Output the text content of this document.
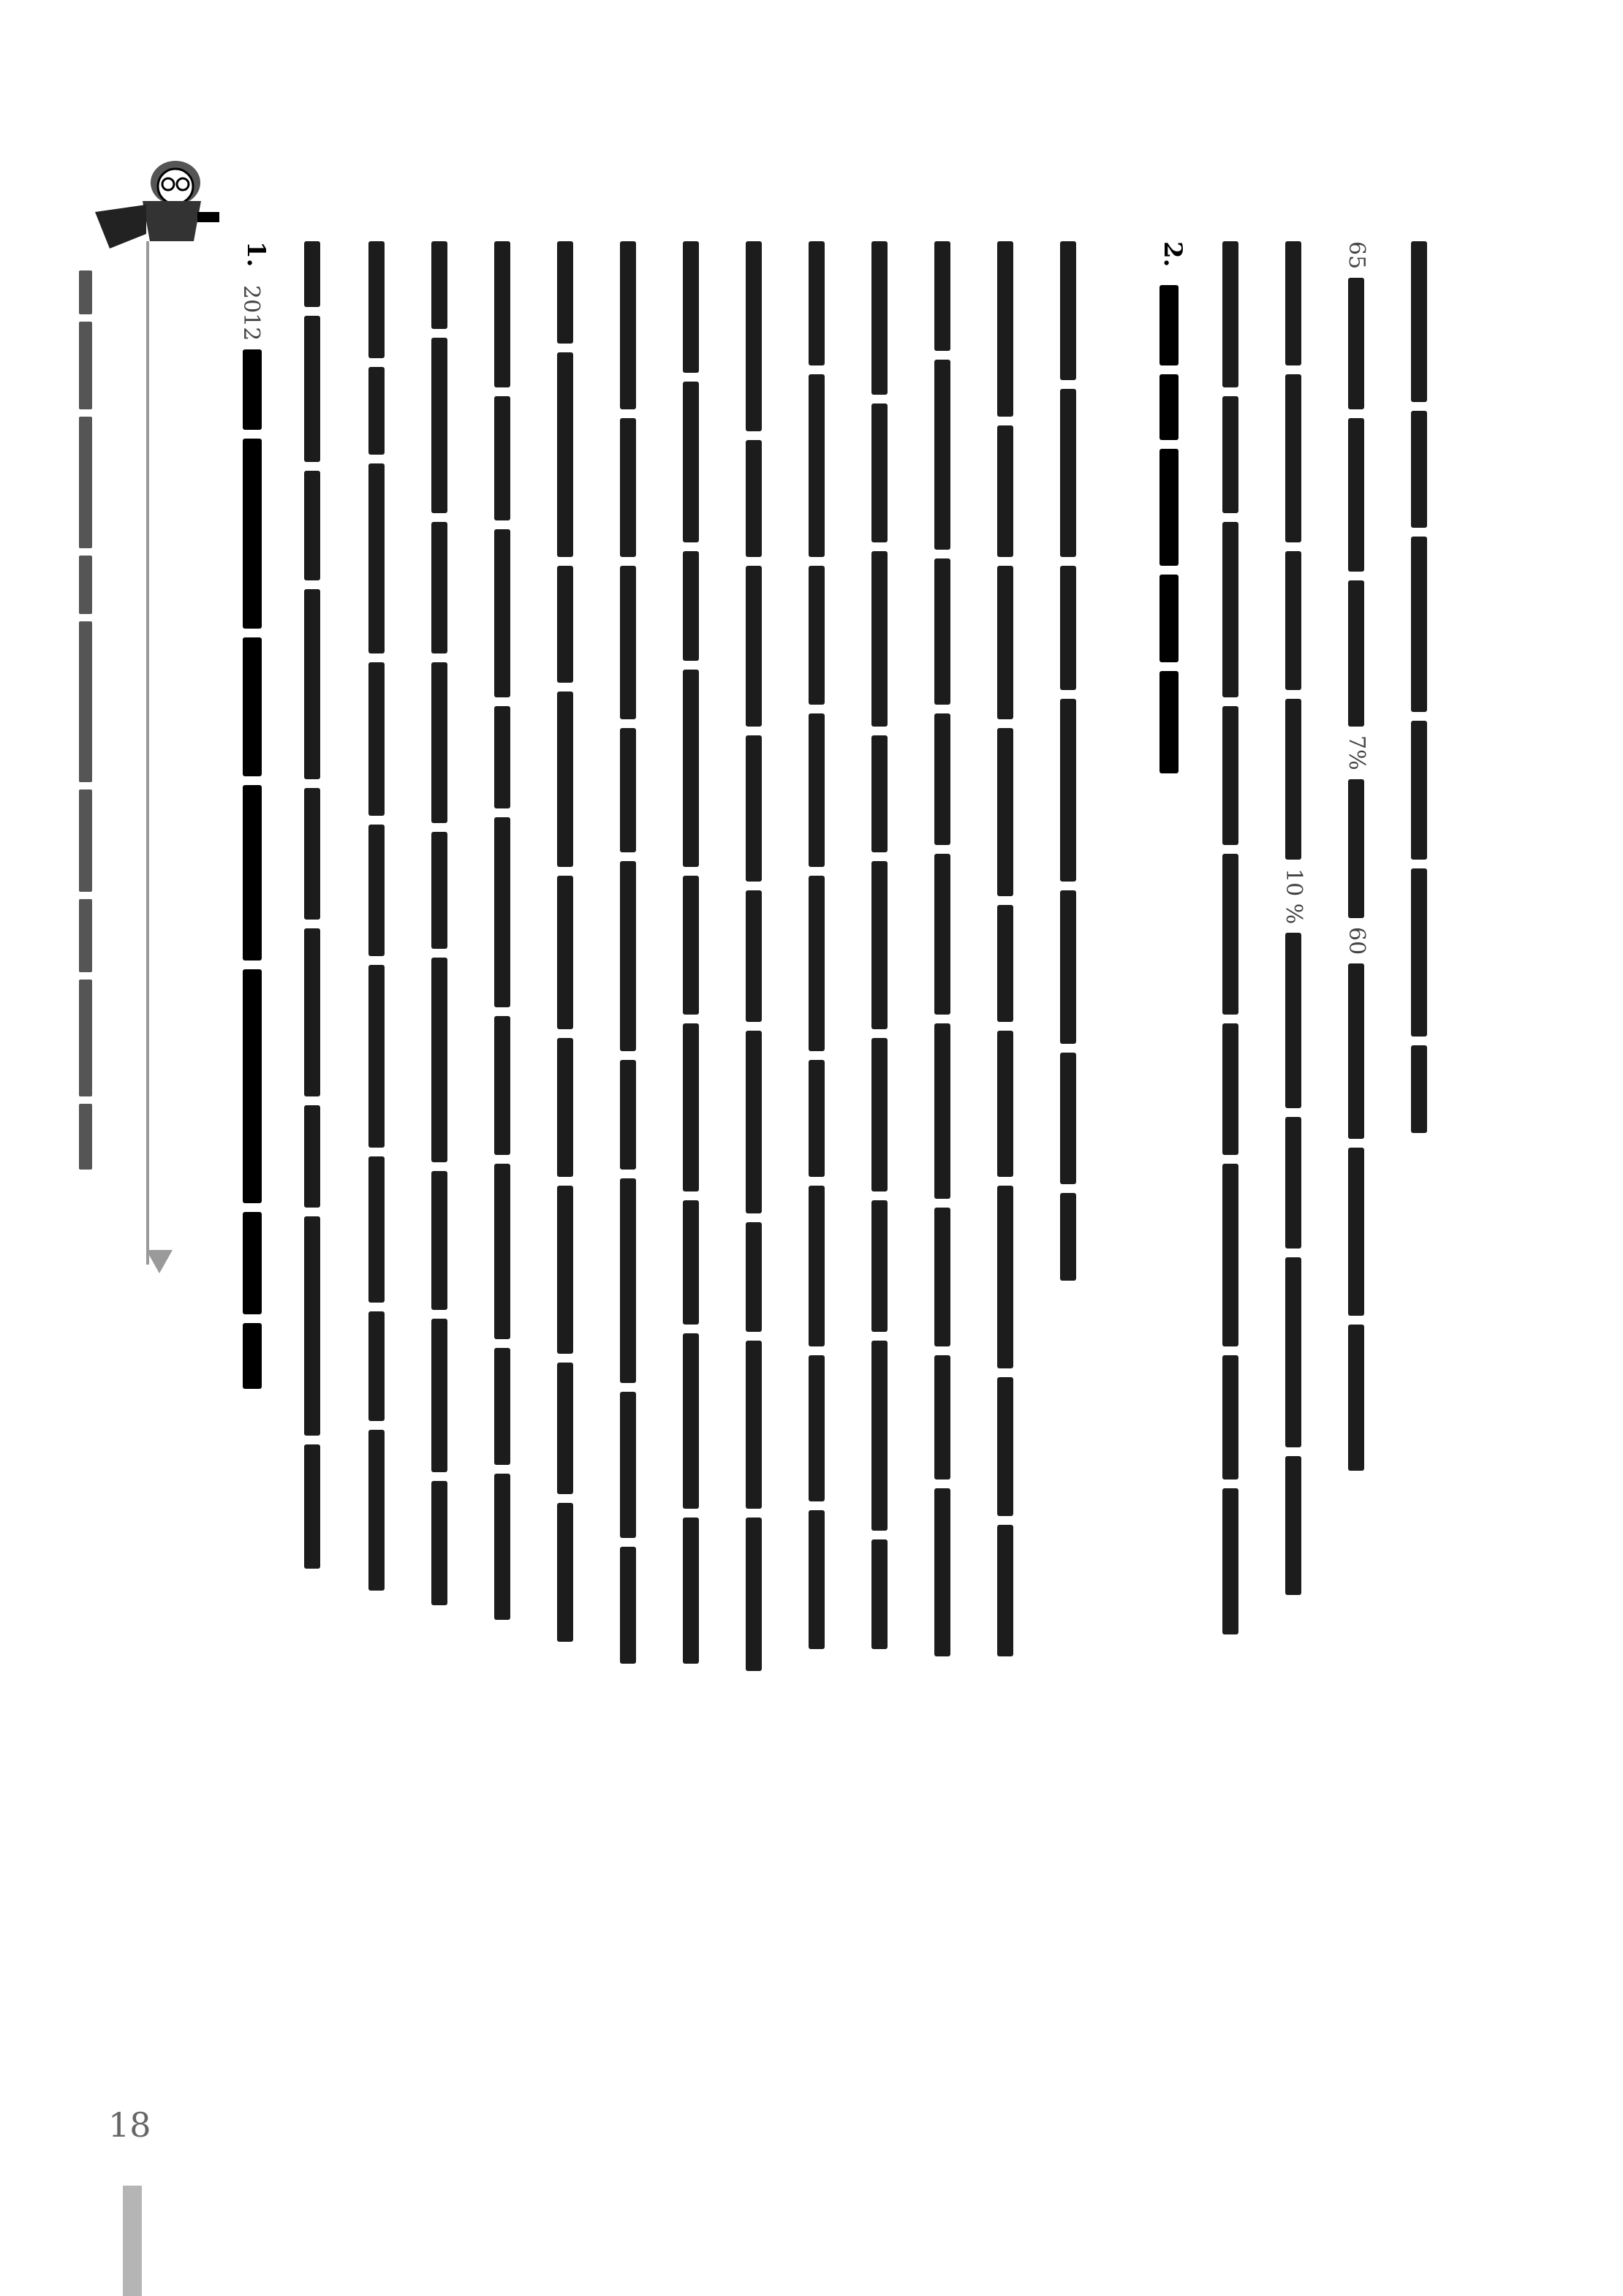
1.
2012
2.
10 %
65
7%
60
18
